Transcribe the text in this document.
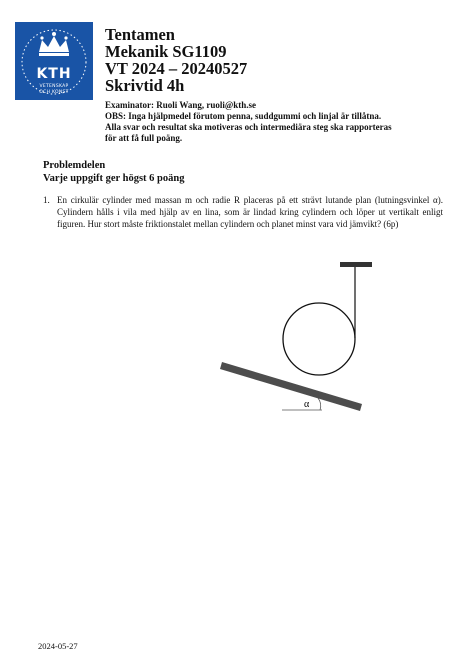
KTH
VETENSKAP
OCH KONST
Tentamen
Mekanik SG1109
VT 2024 – 20240527
Skrivtid 4h
Examinator: Ruoli Wang, ruoli@kth.se
OBS: Inga hjälpmedel förutom penna, suddgummi och linjal är tillåtna.
Alla svar och resultat ska motiveras och intermediära steg ska rapporteras
för att få full poäng.
Problemdelen
Varje uppgift ger högst 6 poäng
1. En cirkulär cylinder med massan m och radie R placeras på ett strävt lutande plan (lutningsvinkel α). Cylindern hålls i vila med hjälp av en lina, som är lindad kring cylindern och löper ut vertikalt enligt figuren. Hur stort måste friktionstalet mellan cylindern och planet minst vara vid jämvikt? (6p)
α
2024-05-27
